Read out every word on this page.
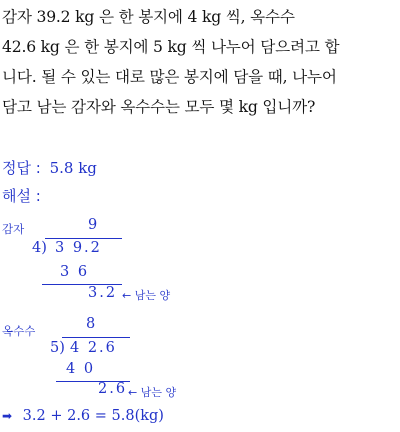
감자 39.2 kg 은 한 봉지에 4 kg 씩, 옥수수
42.6 kg 은 한 봉지에 5 kg 씩 나누어 담으려고 합
니다. 될 수 있는 대로 많은 봉지에 담을 때, 나누어
담고 남는 감자와 옥수수는 모두 몇 kg 입니까?
정답 : 5.8 kg
해설 :
감자	9
4) 3 9.2
3 6
3.2 ← 남는 양
옥수수	8
5) 4 2.6
4 0
2.6 ← 남는 양
➡ 3.2 + 2.6 = 5.8(kg)
